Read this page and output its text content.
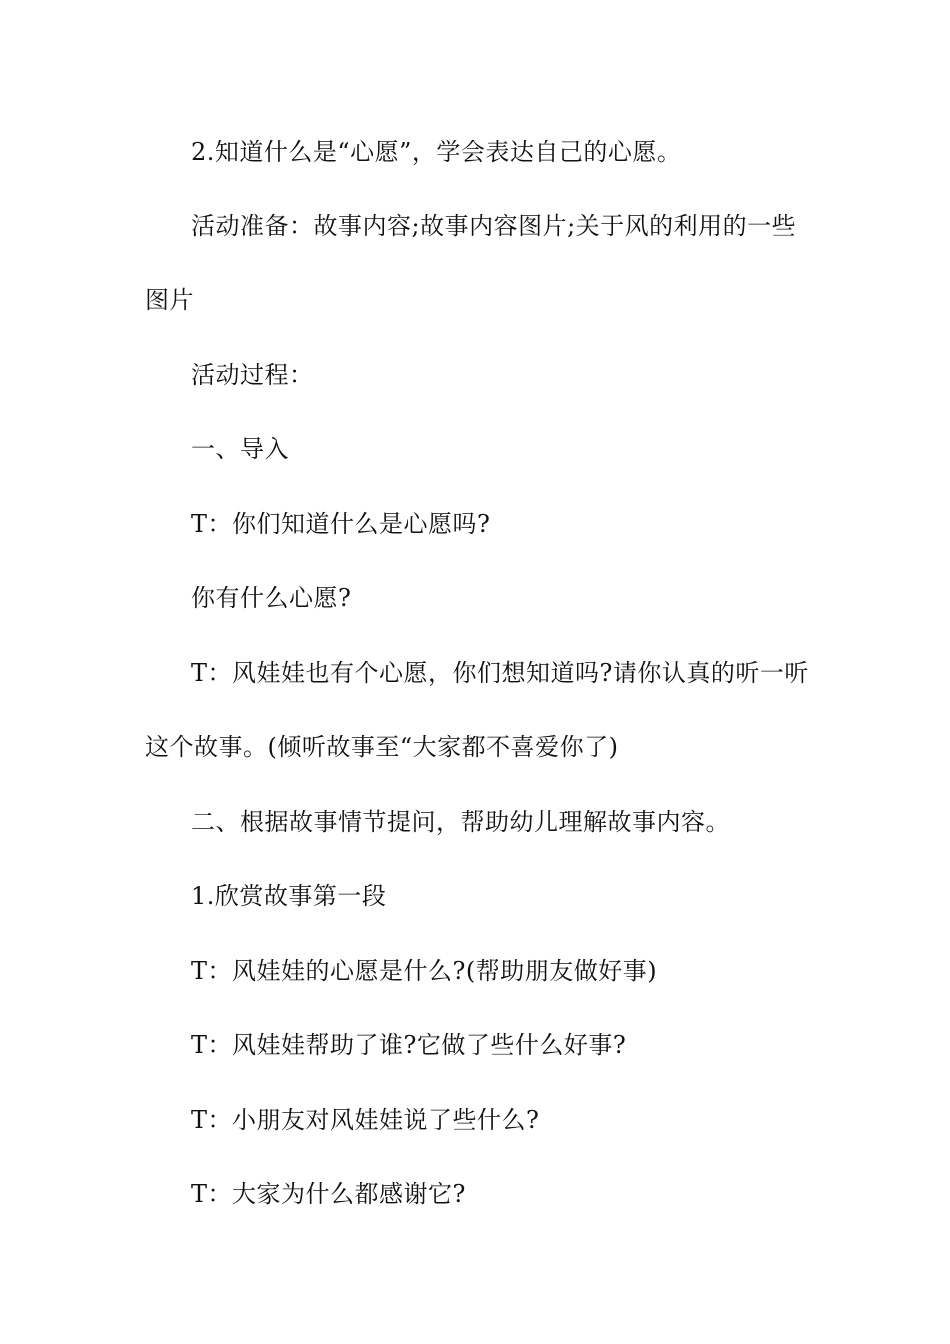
2.知道什么是“心愿”，学会表达自己的心愿。
活动准备：故事内容;故事内容图片;关于风的利用的一些
图片
活动过程：
一、导入
T：你们知道什么是心愿吗?
你有什么心愿?
T：风娃娃也有个心愿，你们想知道吗?请你认真的听一听
这个故事。(倾听故事至“大家都不喜爱你了)
二、根据故事情节提问，帮助幼儿理解故事内容。
1.欣赏故事第一段
T：风娃娃的心愿是什么?(帮助朋友做好事)
T：风娃娃帮助了谁?它做了些什么好事?
T：小朋友对风娃娃说了些什么?
T：大家为什么都感谢它?
